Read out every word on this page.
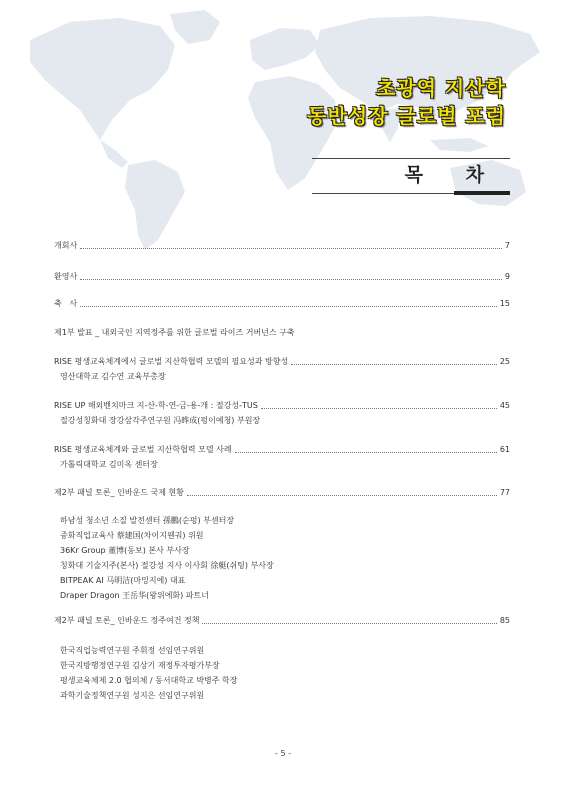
초광역 지산학
동반성장 글로벌 포럼
목 차
개회사	7
환영사	9
축   사	15
제1부 발표 _ 내외국인 지역정주를 위한 글로벌 라이즈 거버넌스 구축
RISE 평생교육체계에서 글로벌 지산학협력 모델의 필요성과 방향성	25
영산대학교 김수연 교육부총장
RISE UP 해외벤치마크 지-산-학-연-금-용-개 : 절강성-TUS	45
절강성칭화대 장강삼각주연구원 冯晔成(펑이예청) 부원장
RISE 평생교육체계와 글로벌 지산학협력 모델 사례	61
가톨릭대학교 김미옥 센터장
제2부 패널 토론_ 인바운드 국제 현황	77
하남성 청소년 소질 발전센터 孫鵬(순펑) 부센터장
중화직업교육사 蔡建国(차이지웬궈) 위원
36Kr Group 董博(동보) 본사 부사장
칭화대 기술지주(본사) 절강성 지사 이사회 徐艇(쉬팅) 부사장
BITPEAK AI 马明洁(마밍지에) 대표
Draper Dragon 王岳华(왕위에화) 파트너
제2부 패널 토론_ 인바운드 정주여건 정책	85
한국직업능력연구원 주휘정 선임연구위원
한국지방행정연구원 김상기 재정투자평가부장
평생교육체제 2.0 협의체 / 동서대학교 박병주 학장
과학기술정책연구원 성지은 선임연구위원
- 5 -
